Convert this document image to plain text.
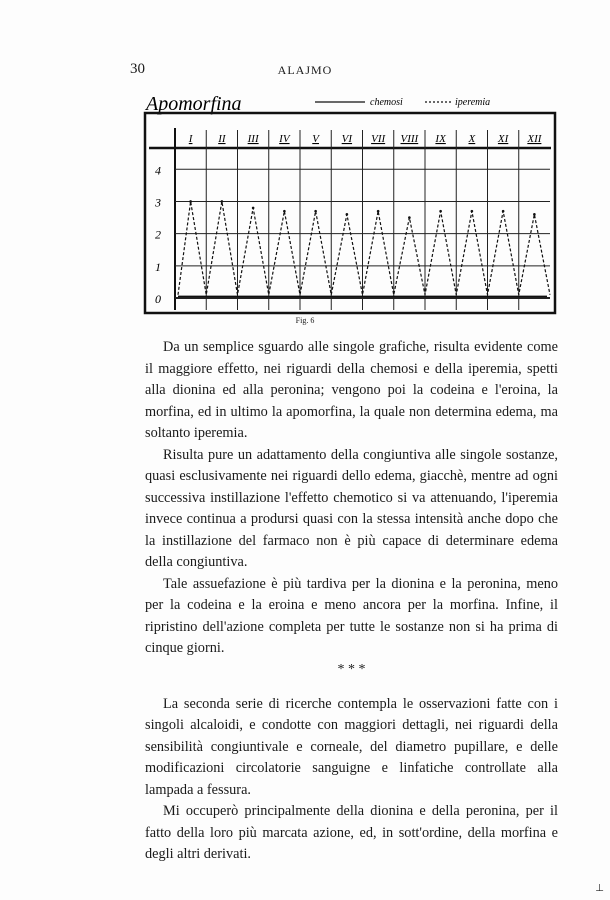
30	ALAJMO
Apomorfina	chemosi	iperemia
0
1
2
3
4
I II III IV V VI VII VIII IX X XI XII
Fig. 6

Da un semplice sguardo alle singole grafiche, risulta evidente come il maggiore effetto, nei riguardi della chemosi e della iperemia, spetti alla dionina ed alla peronina; vengono poi la codeina e l'eroina, la morfina, ed in ultimo la apomorfina, la quale non determina edema, ma soltanto iperemia.

Risulta pure un adattamento della congiuntiva alle singole sostanze, quasi esclusivamente nei riguardi dello edema, giacchè, mentre ad ogni successiva instillazione l'effetto chemotico si va attenuando, l'iperemia invece continua a prodursi quasi con la stessa intensità anche dopo che la instillazione del farmaco non è più capace di determinare edema della congiuntiva.

Tale assuefazione è più tardiva per la dionina e la peronina, meno per la codeina e la eroina e meno ancora per la morfina. Infine, il ripristino dell'azione completa per tutte le sostanze non si ha prima di cinque giorni.

* * *

La seconda serie di ricerche contempla le osservazioni fatte con i singoli alcaloidi, e condotte con maggiori dettagli, nei riguardi della sensibilità congiuntivale e corneale, del diametro pupillare, e delle modificazioni circolatorie sanguigne e linfatiche controllate alla lampada a fessura.

Mi occuperò principalmente della dionina e della peronina, per il fatto della loro più marcata azione, ed, in sott'ordine, della morfina e degli altri derivati.

⊥
